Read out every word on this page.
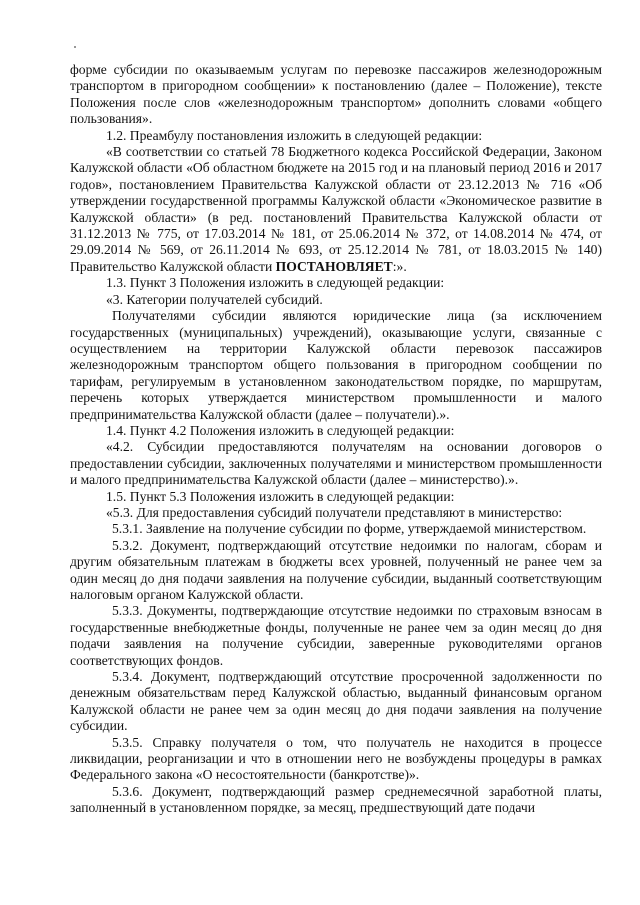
форме субсидии по оказываемым услугам по перевозке пассажиров железнодорожным транспортом в пригородном сообщении» к постановлению (далее – Положение), тексте Положения после слов «железнодорожным транспортом» дополнить словами «общего пользования».

1.2. Преамбулу постановления изложить в следующей редакции:

«В соответствии со статьей 78 Бюджетного кодекса Российской Федерации, Законом Калужской области «Об областном бюджете на 2015 год и на плановый период 2016 и 2017 годов», постановлением Правительства Калужской области от 23.12.2013 № 716 «Об утверждении государственной программы Калужской области «Экономическое развитие в Калужской области» (в ред. постановлений Правительства Калужской области от 31.12.2013 № 775, от 17.03.2014 № 181, от 25.06.2014 № 372, от 14.08.2014 № 474, от 29.09.2014 № 569, от 26.11.2014 № 693, от 25.12.2014 № 781, от 18.03.2015 № 140) Правительство Калужской области ПОСТАНОВЛЯЕТ:».

1.3. Пункт 3 Положения изложить в следующей редакции:

«3. Категории получателей субсидий.

Получателями субсидии являются юридические лица (за исключением государственных (муниципальных) учреждений), оказывающие услуги, связанные с осуществлением на территории Калужской области перевозок пассажиров железнодорожным транспортом общего пользования в пригородном сообщении по тарифам, регулируемым в установленном законодательством порядке, по маршрутам, перечень которых утверждается министерством промышленности и малого предпринимательства Калужской области (далее – получатели).».

1.4. Пункт 4.2 Положения изложить в следующей редакции:

«4.2. Субсидии предоставляются получателям на основании договоров о предоставлении субсидии, заключенных получателями и министерством промышленности и малого предпринимательства Калужской области (далее – министерство).».

1.5. Пункт 5.3 Положения изложить в следующей редакции:

«5.3. Для предоставления субсидий получатели представляют в министерство:

5.3.1. Заявление на получение субсидии по форме, утверждаемой министерством.

5.3.2. Документ, подтверждающий отсутствие недоимки по налогам, сборам и другим обязательным платежам в бюджеты всех уровней, полученный не ранее чем за один месяц до дня подачи заявления на получение субсидии, выданный соответствующим налоговым органом Калужской области.

5.3.3. Документы, подтверждающие отсутствие недоимки по страховым взносам в государственные внебюджетные фонды, полученные не ранее чем за один месяц до дня подачи заявления на получение субсидии, заверенные руководителями органов соответствующих фондов.

5.3.4. Документ, подтверждающий отсутствие просроченной задолженности по денежным обязательствам перед Калужской областью, выданный финансовым органом Калужской области не ранее чем за один месяц до дня подачи заявления на получение субсидии.

5.3.5. Справку получателя о том, что получатель не находится в процессе ликвидации, реорганизации и что в отношении него не возбуждены процедуры в рамках Федерального закона «О несостоятельности (банкротстве)».

5.3.6. Документ, подтверждающий размер среднемесячной заработной платы, заполненный в установленном порядке, за месяц, предшествующий дате подачи
